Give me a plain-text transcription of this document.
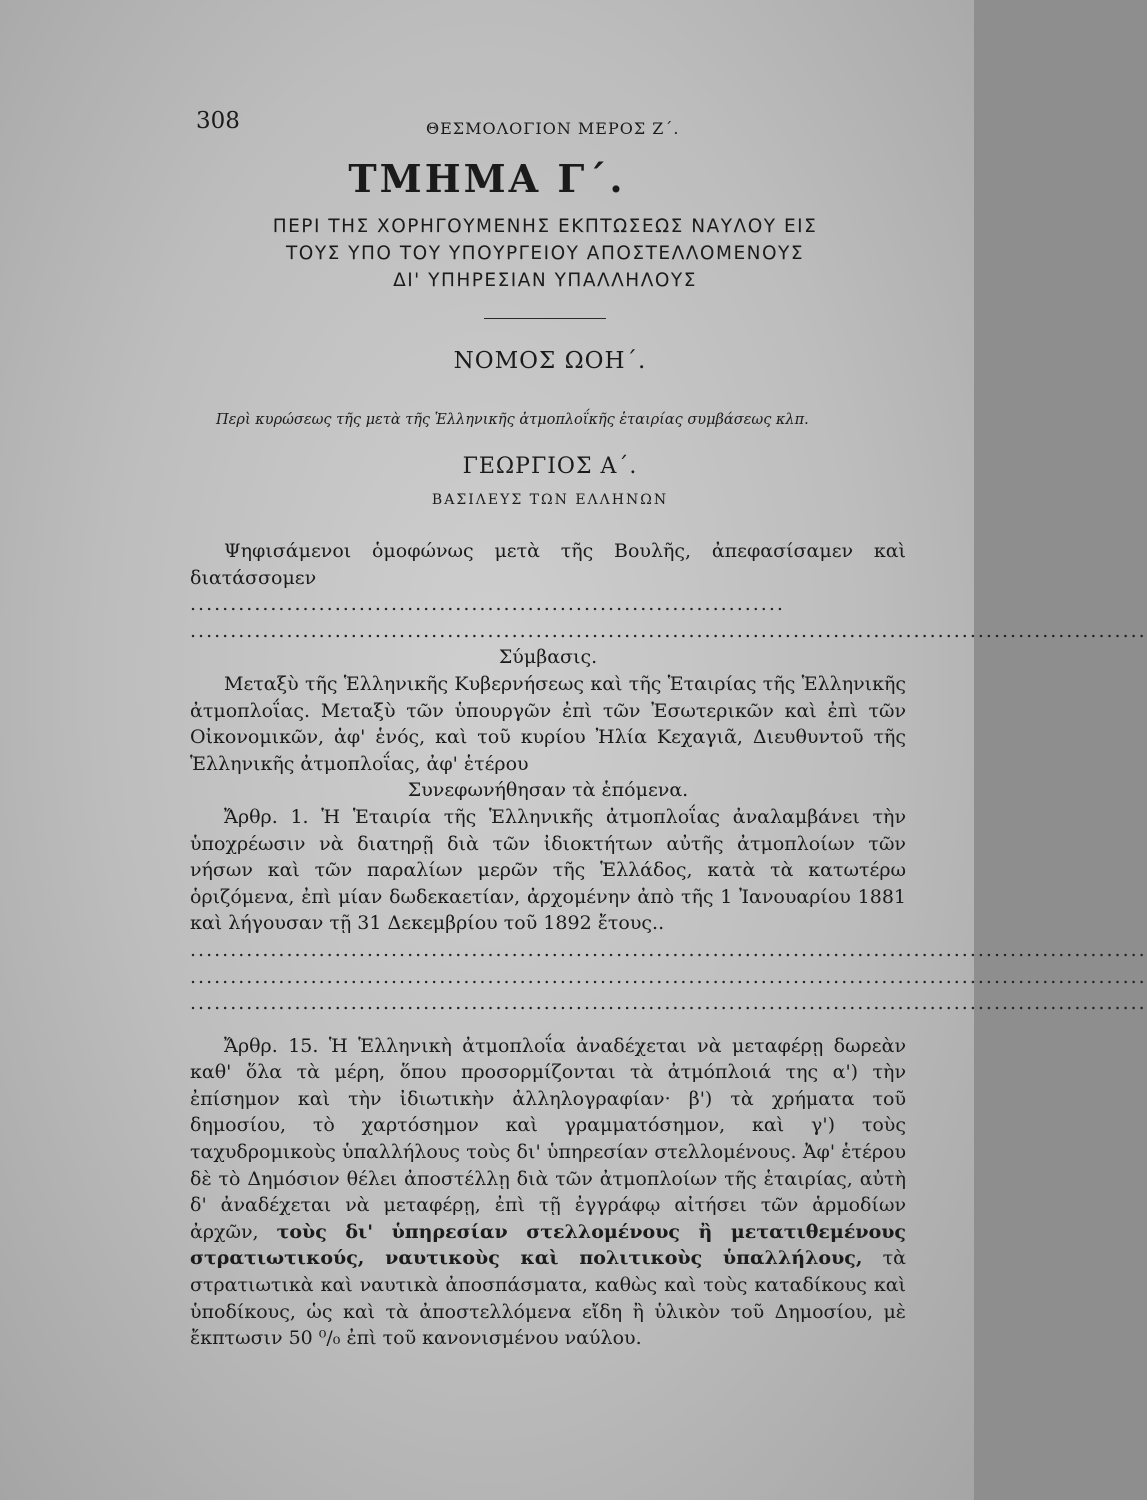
308	ΘΕΣΜΟΛΟΓΙΟΝ ΜΕΡΟΣ Ζ΄.
ΤΜΗΜΑ Γ΄.
ΠΕΡΙ ΤΗΣ ΧΟΡΗΓΟΥΜΕΝΗΣ ΕΚΠΤΩΣΕΩΣ ΝΑΥΛΟΥ ΕΙΣ
ΤΟΥΣ ΥΠΟ ΤΟΥ ΥΠΟΥΡΓΕΙΟΥ ΑΠΟΣΤΕΛΛΟΜΕΝΟΥΣ
ΔΙ' ΥΠΗΡΕΣΙΑΝ ΥΠΑΛΛΗΛΟΥΣ
ΝΟΜΟΣ ΩΟΗ΄.
Περὶ κυρώσεως τῆς μετὰ τῆς Ἑλληνικῆς ἀτμοπλοΐκῆς ἑταιρίας συμβάσεως κλπ.
ΓΕΩΡΓΙΟΣ Α΄.
ΒΑΣΙΛΕΥΣ ΤΩΝ ΕΛΛΗΝΩΝ

Ψηφισάμενοι ὁμοφώνως μετὰ τῆς Βουλῆς, ἀπεφασίσαμεν καὶ διατάσσομεν ..........................................................................

.......................................................................................................................

Σύμβασις.

Μεταξὺ τῆς Ἑλληνικῆς Κυβερνήσεως καὶ τῆς Ἑταιρίας τῆς Ἑλληνικῆς ἀτμοπλοΐας. Μεταξὺ τῶν ὑπουργῶν ἐπὶ τῶν Ἐσωτερικῶν καὶ ἐπὶ τῶν Οἰκονομικῶν, ἀφ' ἑνός, καὶ τοῦ κυρίου Ἠλία Κεχαγιᾶ, Διευθυντοῦ τῆς Ἑλληνικῆς ἀτμοπλοΐας, ἀφ' ἑτέρου

Συνεφωνήθησαν τὰ ἑπόμενα.

Ἄρθρ. 1. Ἡ Ἑταιρία τῆς Ἑλληνικῆς ἀτμοπλοΐας ἀναλαμβάνει τὴν ὑποχρέωσιν νὰ διατηρῇ διὰ τῶν ἰδιοκτήτων αὐτῆς ἀτμοπλοίων τῶν νήσων καὶ τῶν παραλίων μερῶν τῆς Ἑλλάδος, κατὰ τὰ κατωτέρω ὁριζόμενα, ἐπὶ μίαν δωδεκαετίαν, ἀρχομένην ἀπὸ τῆς 1 Ἰανουαρίου 1881 καὶ λήγουσαν τῇ 31 Δεκεμβρίου τοῦ 1892 ἔτους..

.......................................................................................................................

.......................................................................................................................

.......................................................................................................................

Ἄρθρ. 15. Ἡ Ἑλληνικὴ ἀτμοπλοΐα ἀναδέχεται νὰ μεταφέρῃ δωρεὰν καθ' ὅλα τὰ μέρη, ὅπου προσορμίζονται τὰ ἀτμόπλοιά της α') τὴν ἐπίσημον καὶ τὴν ἰδιωτικὴν ἀλληλογραφίαν· β') τὰ χρήματα τοῦ δημοσίου, τὸ χαρτόσημον καὶ γραμματόσημον, καὶ γ') τοὺς ταχυδρομικοὺς ὑπαλλήλους τοὺς δι' ὑπηρεσίαν στελλομένους. Ἀφ' ἑτέρου δὲ τὸ Δημόσιον θέλει ἀποστέλλῃ διὰ τῶν ἀτμοπλοίων τῆς ἑταιρίας, αὐτὴ δ' ἀναδέχεται νὰ μεταφέρῃ, ἐπὶ τῇ ἐγγράφῳ αἰτήσει τῶν ἁρμοδίων ἀρχῶν, τοὺς δι' ὑπηρεσίαν στελλομένους ἢ μετατιθεμένους στρατιωτικούς, ναυτικοὺς καὶ πολιτικοὺς ὑπαλλήλους, τὰ στρατιωτικὰ καὶ ναυτικὰ ἀποσπάσματα, καθὼς καὶ τοὺς καταδίκους καὶ ὑποδίκους, ὡς καὶ τὰ ἀποστελλόμενα εἴδη ἢ ὑλικὸν τοῦ Δημοσίου, μὲ ἔκπτωσιν 50 ⁰/₀ ἐπὶ τοῦ κανονισμένου ναύλου.
